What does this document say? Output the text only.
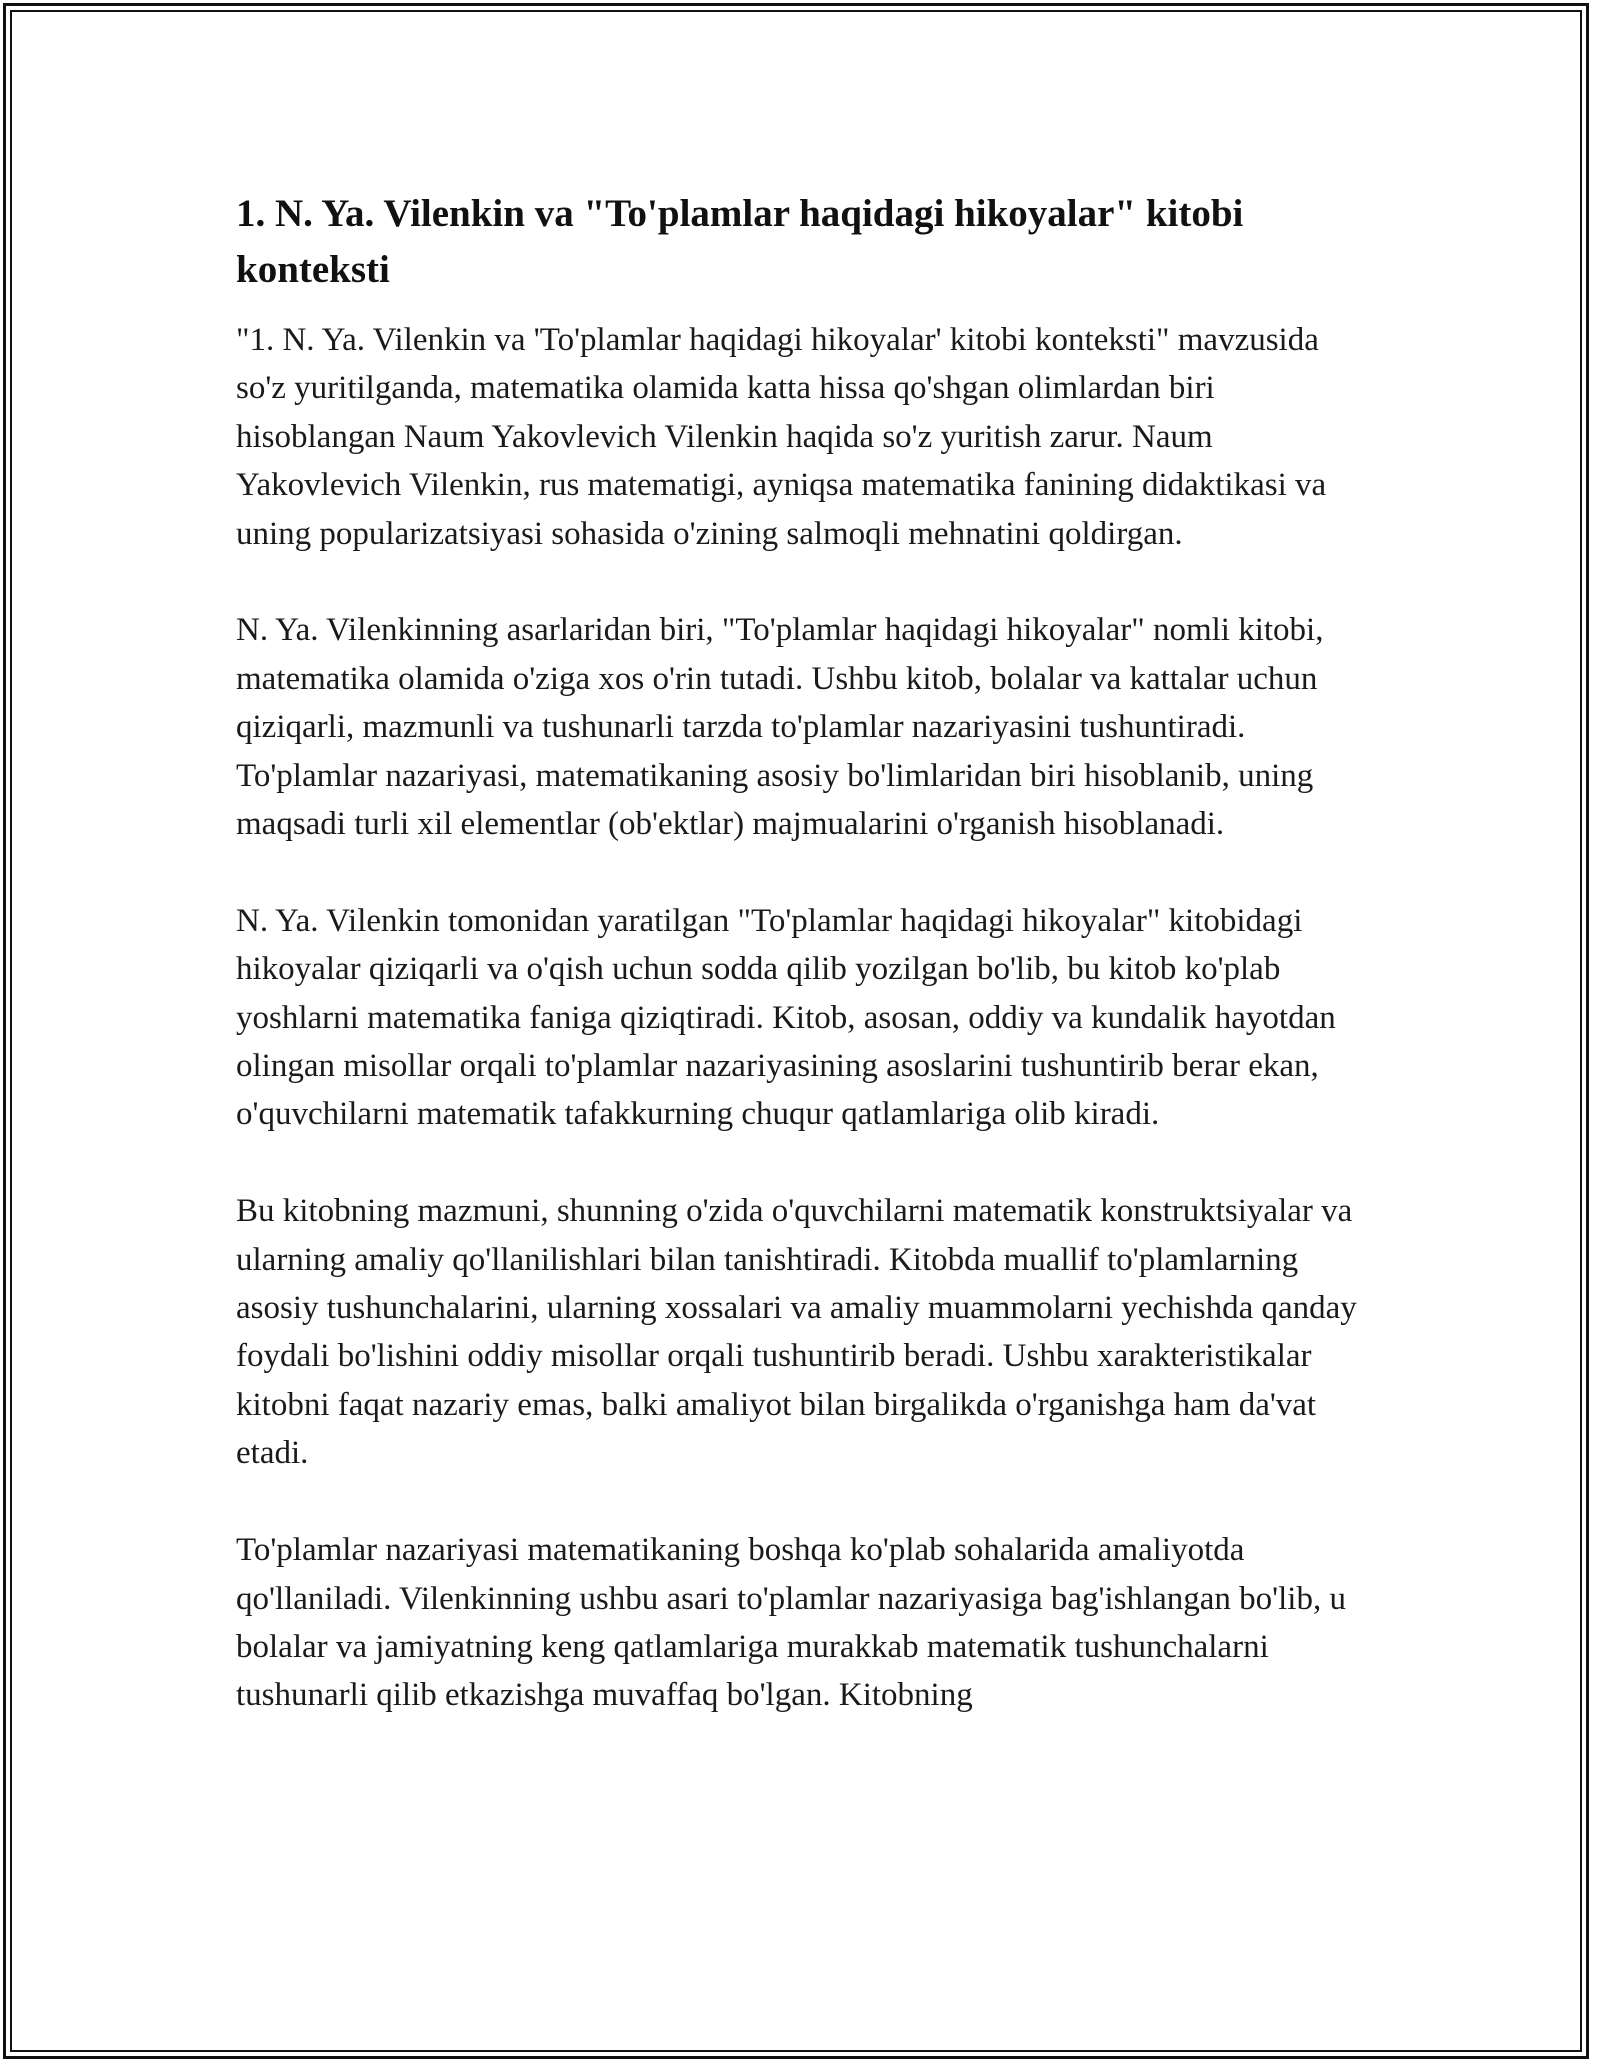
1. N. Ya. Vilenkin va "To'plamlar haqidagi hikoyalar" kitobi konteksti

"1. N. Ya. Vilenkin va 'To'plamlar haqidagi hikoyalar' kitobi konteksti" mavzusida so'z yuritilganda, matematika olamida katta hissa qo'shgan olimlardan biri hisoblangan Naum Yakovlevich Vilenkin haqida so'z yuritish zarur. Naum Yakovlevich Vilenkin, rus matematigi, ayniqsa matematika fanining didaktikasi va uning popularizatsiyasi sohasida o'zining salmoqli mehnatini qoldirgan.

N. Ya. Vilenkinning asarlaridan biri, "To'plamlar haqidagi hikoyalar" nomli kitobi, matematika olamida o'ziga xos o'rin tutadi. Ushbu kitob, bolalar va kattalar uchun qiziqarli, mazmunli va tushunarli tarzda to'plamlar nazariyasini tushuntiradi. To'plamlar nazariyasi, matematikaning asosiy bo'limlaridan biri hisoblanib, uning maqsadi turli xil elementlar (ob'ektlar) majmualarini o'rganish hisoblanadi.

N. Ya. Vilenkin tomonidan yaratilgan "To'plamlar haqidagi hikoyalar" kitobidagi hikoyalar qiziqarli va o'qish uchun sodda qilib yozilgan bo'lib, bu kitob ko'plab yoshlarni matematika faniga qiziqtiradi. Kitob, asosan, oddiy va kundalik hayotdan olingan misollar orqali to'plamlar nazariyasining asoslarini tushuntirib berar ekan, o'quvchilarni matematik tafakkurning chuqur qatlamlariga olib kiradi.

Bu kitobning mazmuni, shunning o'zida o'quvchilarni matematik konstruktsiyalar va ularning amaliy qo'llanilishlari bilan tanishtiradi. Kitobda muallif to'plamlarning asosiy tushunchalarini, ularning xossalari va amaliy muammolarni yechishda qanday foydali bo'lishini oddiy misollar orqali tushuntirib beradi. Ushbu xarakteristikalar kitobni faqat nazariy emas, balki amaliyot bilan birgalikda o'rganishga ham da'vat etadi.

To'plamlar nazariyasi matematikaning boshqa ko'plab sohalarida amaliyotda qo'llaniladi. Vilenkinning ushbu asari to'plamlar nazariyasiga bag'ishlangan bo'lib, u bolalar va jamiyatning keng qatlamlariga murakkab matematik tushunchalarni tushunarli qilib etkazishga muvaffaq bo'lgan. Kitobning
